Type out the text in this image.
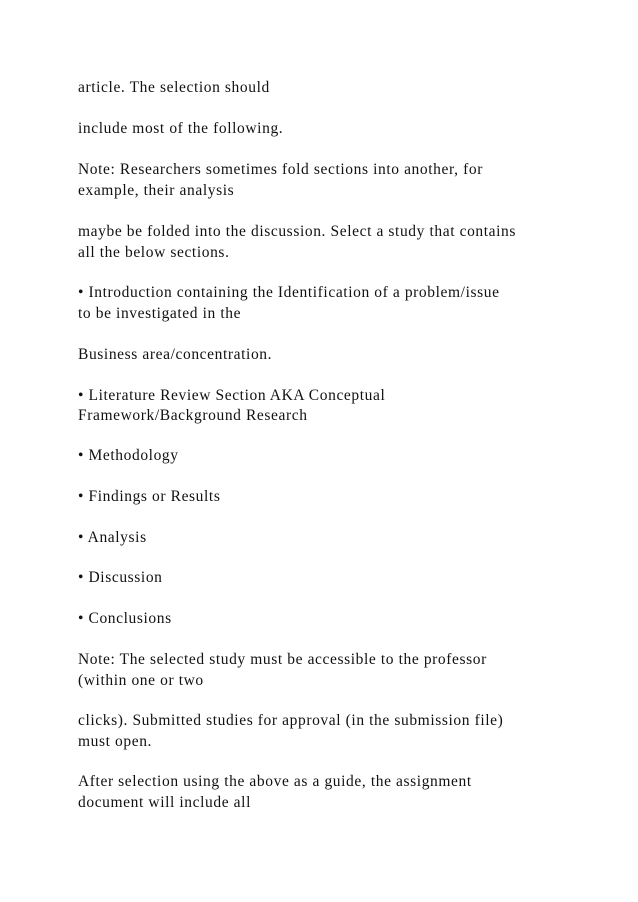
article. The selection should

include most of the following.

Note: Researchers sometimes fold sections into another, for

example, their analysis

maybe be folded into the discussion. Select a study that contains

all the below sections.

• Introduction containing the Identification of a problem/issue

to be investigated in the

Business area/concentration.

• Literature Review Section AKA Conceptual

Framework/Background Research

• Methodology

• Findings or Results

• Analysis

• Discussion

• Conclusions

Note: The selected study must be accessible to the professor

(within one or two

clicks). Submitted studies for approval (in the submission file)

must open.

After selection using the above as a guide, the assignment

document will include all
